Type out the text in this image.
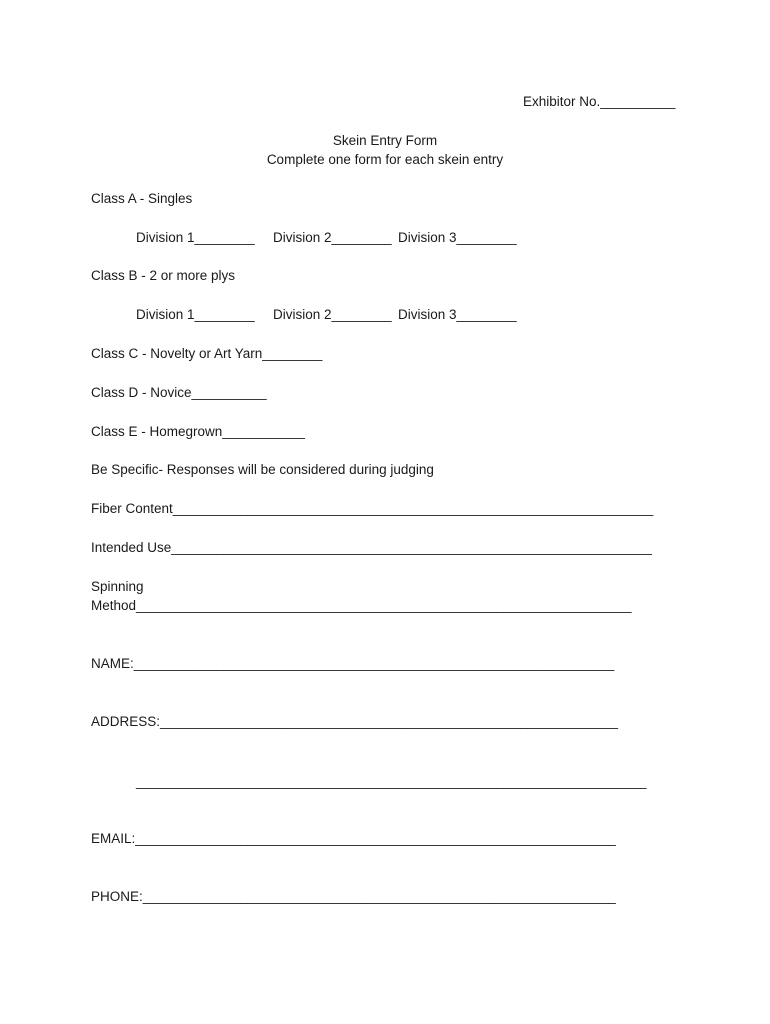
Exhibitor No.__________
Skein Entry Form
Complete one form for each skein entry
Class A - Singles
Division 1________ Division 2________ Division 3________
Class B - 2 or more plys
Division 1________ Division 2________ Division 3________
Class C - Novelty or Art Yarn________
Class D - Novice__________
Class E - Homegrown___________
Be Specific- Responses will be considered during judging
Fiber Content________________________________________________________________
Intended Use________________________________________________________________
Spinning
Method__________________________________________________________________
NAME:________________________________________________________________
ADDRESS:_____________________________________________________________
____________________________________________________________________
EMAIL:________________________________________________________________
PHONE:_______________________________________________________________
